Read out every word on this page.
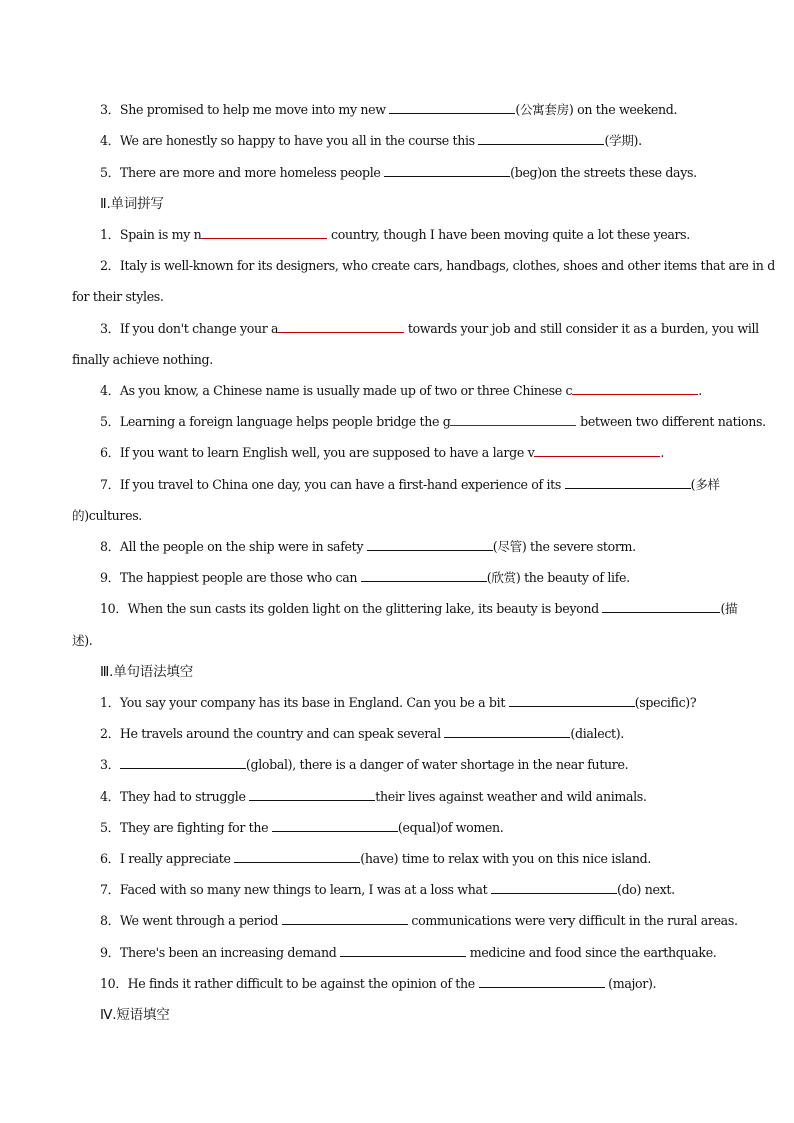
3．She promised to help me move into my new	(公寓套房) on the weekend.
4．We are honestly so happy to have you all in the course this	(学期).
5．There are more and more homeless people	(beg)on the streets these days.
Ⅱ.单词拼写
1．Spain is my n	country, though I have been moving quite a lot these years.
2．Italy is well-known for its designers, who create cars, handbags, clothes, shoes and other items that are in d
for their styles.
3．If you don't change your a	towards your job and still consider it as a burden, you will
finally achieve nothing.
4．As you know, a Chinese name is usually made up of two or three Chinese c	.
5．Learning a foreign language helps people bridge the g	between two different nations.
6．If you want to learn English well, you are supposed to have a large v	.
7．If you travel to China one day, you can have a first-hand experience of its	(多样
的)cultures.
8．All the people on the ship were in safety	(尽管) the severe storm.
9．The happiest people are those who can	(欣赏) the beauty of life.
10．When the sun casts its golden light on the glittering lake, its beauty is beyond	(描
述).
Ⅲ.单句语法填空
1．You say your company has its base in England. Can you be a bit	(specific)?
2．He travels around the country and can speak several	(dialect).
3．	(global), there is a danger of water shortage in the near future.
4．They had to struggle	their lives against weather and wild animals.
5．They are fighting for the	(equal)of women.
6．I really appreciate	(have) time to relax with you on this nice island.
7．Faced with so many new things to learn, I was at a loss what	(do) next.
8．We went through a period	communications were very difficult in the rural areas.
9．There's been an increasing demand	medicine and food since the earthquake.
10．He finds it rather difficult to be against the opinion of the	(major).
Ⅳ.短语填空
